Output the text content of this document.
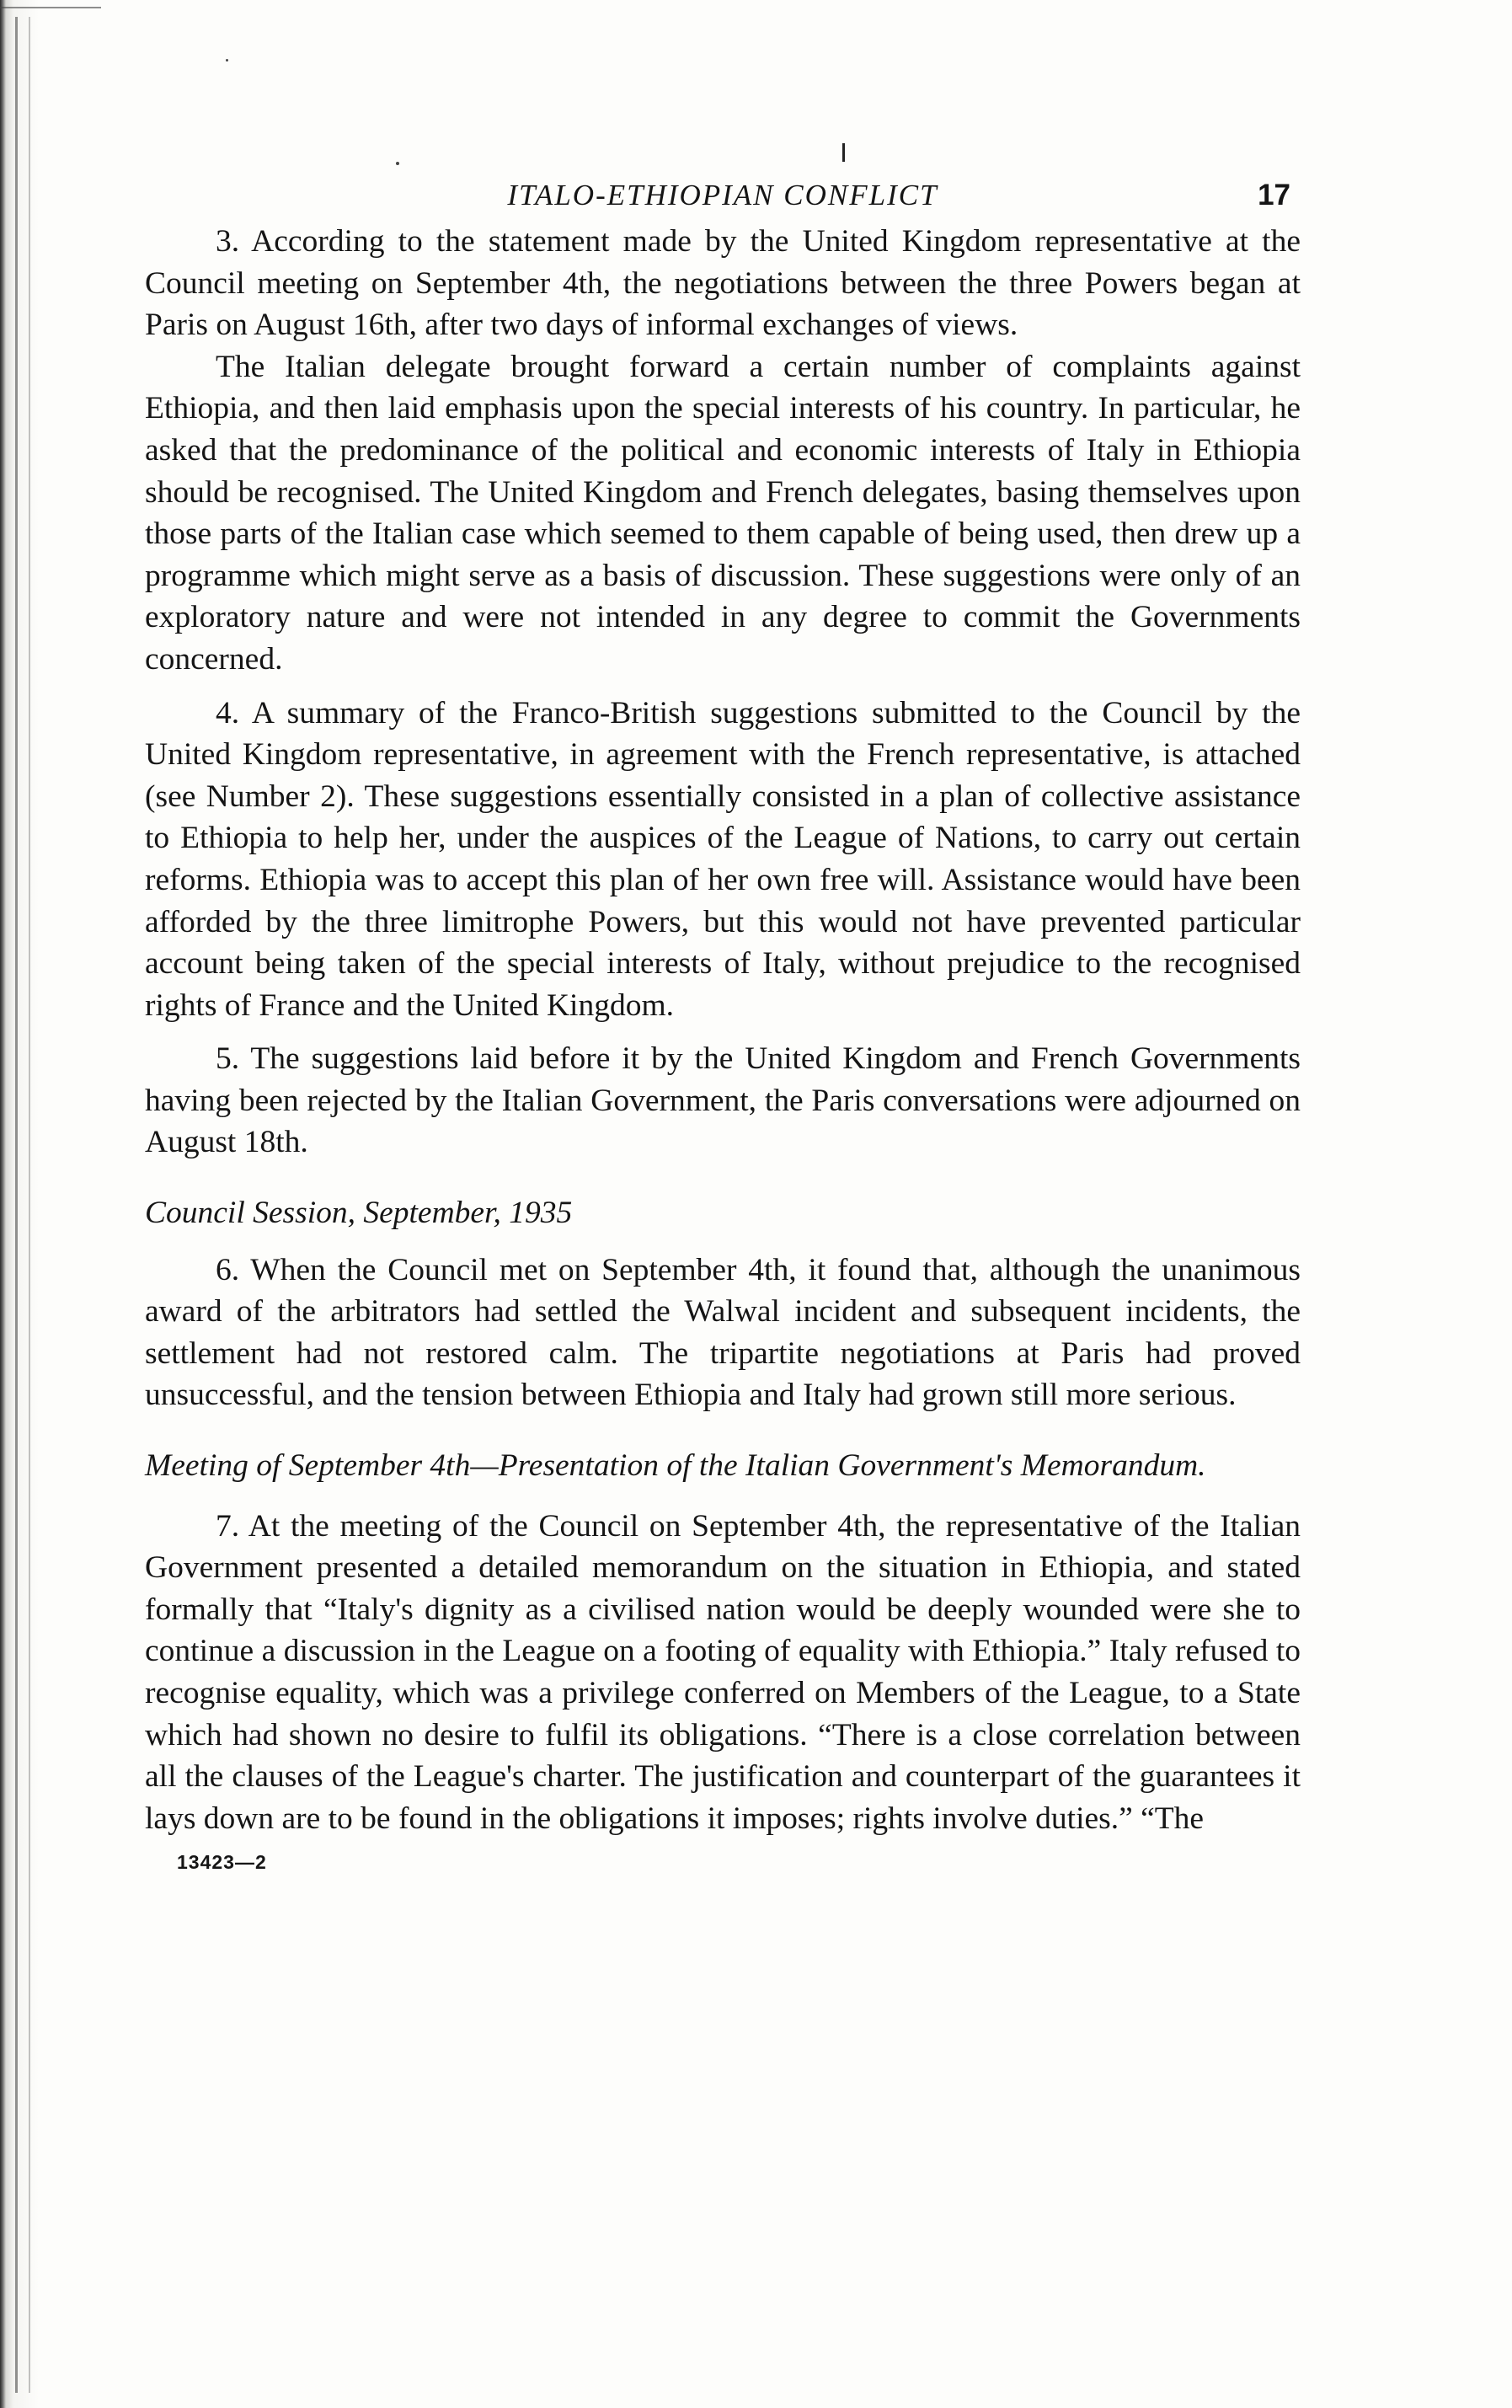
ITALO-ETHIOPIAN CONFLICT	17

3. According to the statement made by the United Kingdom representative at the Council meeting on September 4th, the negotiations between the three Powers began at Paris on August 16th, after two days of informal exchanges of views.

The Italian delegate brought forward a certain number of complaints against Ethiopia, and then laid emphasis upon the special interests of his country. In particular, he asked that the predominance of the political and economic interests of Italy in Ethiopia should be recognised. The United Kingdom and French delegates, basing themselves upon those parts of the Italian case which seemed to them capable of being used, then drew up a programme which might serve as a basis of discussion. These suggestions were only of an exploratory nature and were not intended in any degree to commit the Governments concerned.

4. A summary of the Franco-British suggestions submitted to the Council by the United Kingdom representative, in agreement with the French representative, is attached (see Number 2). These suggestions essentially consisted in a plan of collective assistance to Ethiopia to help her, under the auspices of the League of Nations, to carry out certain reforms. Ethiopia was to accept this plan of her own free will. Assistance would have been afforded by the three limitrophe Powers, but this would not have prevented particular account being taken of the special interests of Italy, without prejudice to the recognised rights of France and the United Kingdom.

5. The suggestions laid before it by the United Kingdom and French Governments having been rejected by the Italian Government, the Paris conversations were adjourned on August 18th.

Council Session, September, 1935

6. When the Council met on September 4th, it found that, although the unanimous award of the arbitrators had settled the Walwal incident and subsequent incidents, the settlement had not restored calm. The tripartite negotiations at Paris had proved unsuccessful, and the tension between Ethiopia and Italy had grown still more serious.

Meeting of September 4th—Presentation of the Italian Government's Memorandum.

7. At the meeting of the Council on September 4th, the representative of the Italian Government presented a detailed memorandum on the situation in Ethiopia, and stated formally that “Italy's dignity as a civilised nation would be deeply wounded were she to continue a discussion in the League on a footing of equality with Ethiopia.” Italy refused to recognise equality, which was a privilege conferred on Members of the League, to a State which had shown no desire to fulfil its obligations. “There is a close correlation between all the clauses of the League's charter. The justification and counterpart of the guarantees it lays down are to be found in the obligations it imposes; rights involve duties.” “The

13423—2
